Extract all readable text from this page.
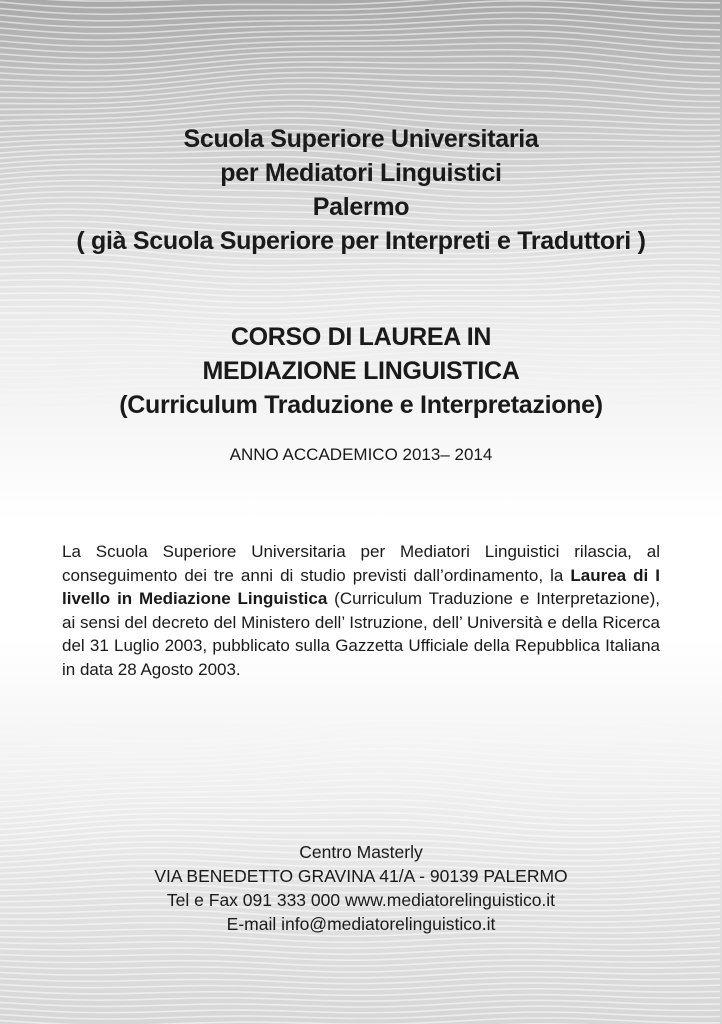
Scuola Superiore Universitaria
per Mediatori Linguistici
Palermo
( già Scuola Superiore per Interpreti e Traduttori )
CORSO DI LAUREA IN
MEDIAZIONE LINGUISTICA
(Curriculum Traduzione e Interpretazione)
ANNO ACCADEMICO 2013– 2014
La Scuola Superiore Universitaria per Mediatori Linguistici rilascia, al conseguimento dei tre anni di studio previsti dall’ordinamento, la Laurea di I livello in Mediazione Linguistica (Curriculum Traduzione e Interpretazione), ai sensi del decreto del Ministero dell’ Istruzione, dell’ Università e della Ricerca del 31 Luglio 2003, pubblicato sulla Gazzetta Ufficiale della Repubblica Italiana in data 28 Agosto 2003.
Centro Masterly
VIA BENEDETTO GRAVINA 41/A - 90139 PALERMO
Tel e Fax 091 333 000 www.mediatorelinguistico.it
E-mail info@mediatorelinguistico.it
